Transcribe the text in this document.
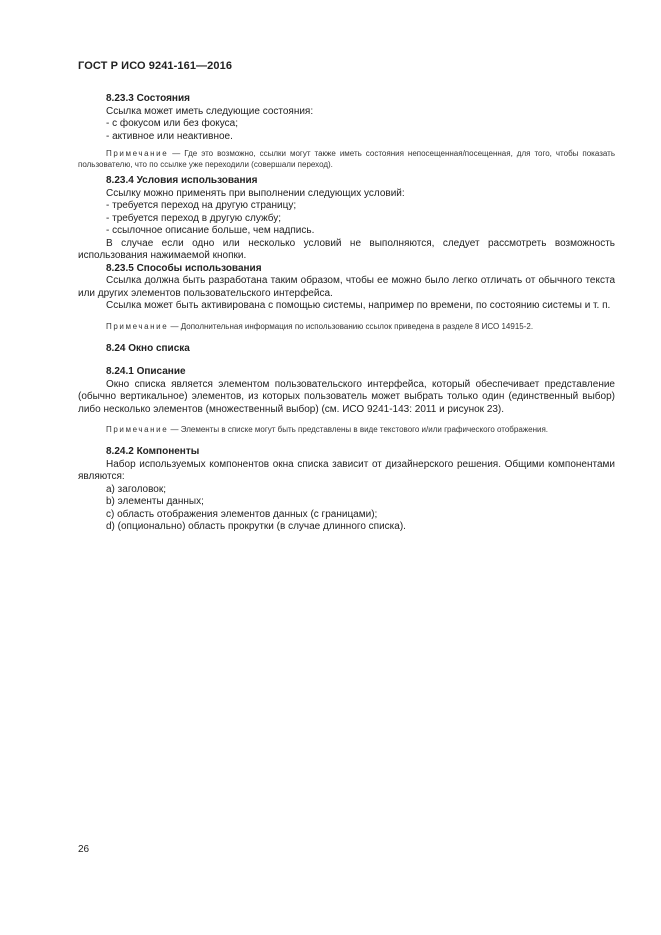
ГОСТ Р ИСО 9241-161—2016

8.23.3 Состояния

Ссылка может иметь следующие состояния:

- с фокусом или без фокуса;

- активное или неактивное.

Примечание — Где это возможно, ссылки могут также иметь состояния непосещенная/посещенная, для того, чтобы показать пользователю, что по ссылке уже переходили (совершали переход).

8.23.4 Условия использования

Ссылку можно применять при выполнении следующих условий:

- требуется переход на другую страницу;

- требуется переход в другую службу;

- ссылочное описание больше, чем надпись.

В случае если одно или несколько условий не выполняются, следует рассмотреть возможность использования нажимаемой кнопки.

8.23.5 Способы использования

Ссылка должна быть разработана таким образом, чтобы ее можно было легко отличать от обычного текста или других элементов пользовательского интерфейса.

Ссылка может быть активирована с помощью системы, например по времени, по состоянию системы и т. п.

Примечание — Дополнительная информация по использованию ссылок приведена в разделе 8 ИСО 14915-2.

8.24 Окно списка

8.24.1 Описание

Окно списка является элементом пользовательского интерфейса, который обеспечивает представление (обычно вертикальное) элементов, из которых пользователь может выбрать только один (единственный выбор) либо несколько элементов (множественный выбор) (см. ИСО 9241-143: 2011 и рисунок 23).

Примечание — Элементы в списке могут быть представлены в виде текстового и/или графического отображения.

8.24.2 Компоненты

Набор используемых компонентов окна списка зависит от дизайнерского решения. Общими компонентами являются:

a) заголовок;

b) элементы данных;

c) область отображения элементов данных (с границами);

d) (опционально) область прокрутки (в случае длинного списка).

26
